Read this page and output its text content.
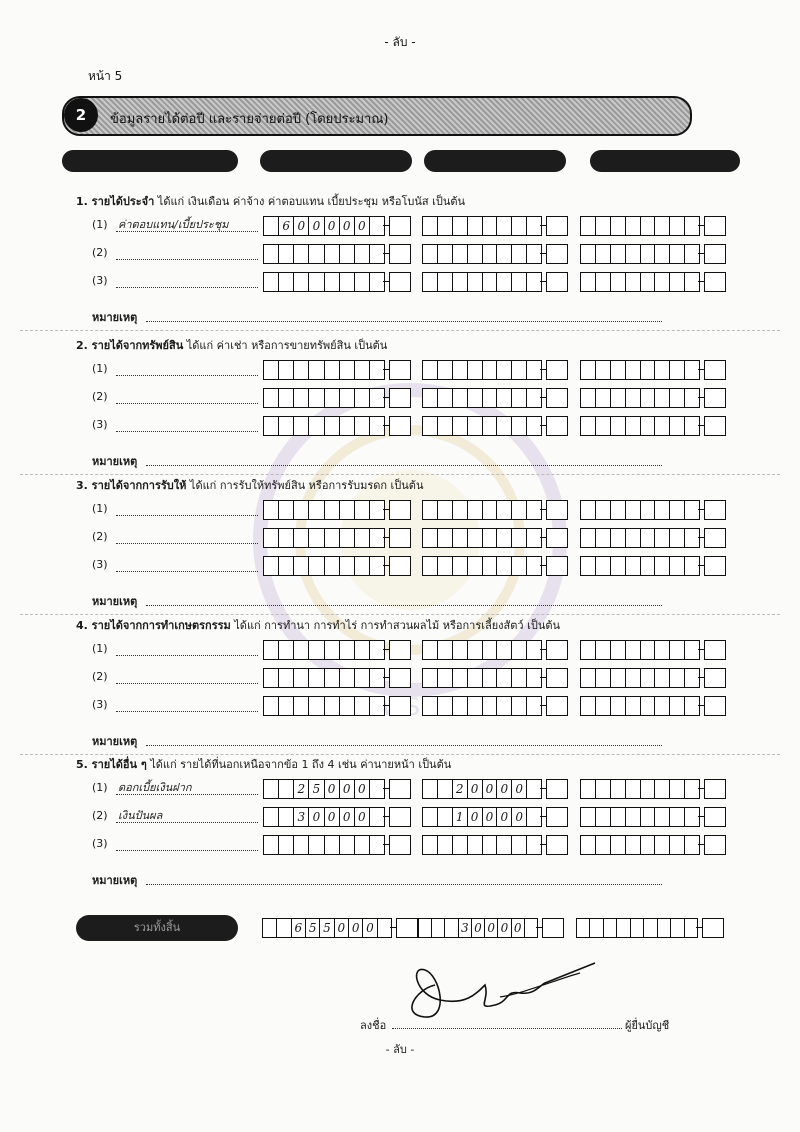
- ลับ -
หน้า 5
2	ข้อมูลรายได้ต่อปี และรายจ่ายต่อปี (โดยประมาณ)
1. รายได้ประจำ ได้แก่ เงินเดือน ค่าจ้าง ค่าตอบแทน เบี้ยประชุม หรือโบนัส เป็นต้น
(1) ค่าตอบแทน/เบี้ยประชุม	6 0 0 0 0 0
(2)
(3)
หมายเหตุ
2. รายได้จากทรัพย์สิน ได้แก่ ค่าเช่า หรือการขายทรัพย์สิน เป็นต้น
(1)
(2)
(3)
หมายเหตุ
3. รายได้จากการรับให้ ได้แก่ การรับให้ทรัพย์สิน หรือการรับมรดก เป็นต้น
(1)
(2)
(3)
หมายเหตุ
4. รายได้จากการทำเกษตรกรรม ได้แก่ การทำนา การทำไร่ การทำสวนผลไม้ หรือการเลี้ยงสัตว์ เป็นต้น
(1)
(2)
(3)
หมายเหตุ
5. รายได้อื่น ๆ ได้แก่ รายได้ที่นอกเหนือจากข้อ 1 ถึง 4 เช่น ค่านายหน้า เป็นต้น
(1) ดอกเบี้ยเงินฝาก	2 5 0 0 0	2 0 0 0 0
(2) เงินปันผล	3 0 0 0 0	1 0 0 0 0
(3)
หมายเหตุ
รวมทั้งสิ้น	6 5 5 0 0 0	3 0 0 0 0
ลงชื่อ	ผู้ยื่นบัญชี
- ลับ -
